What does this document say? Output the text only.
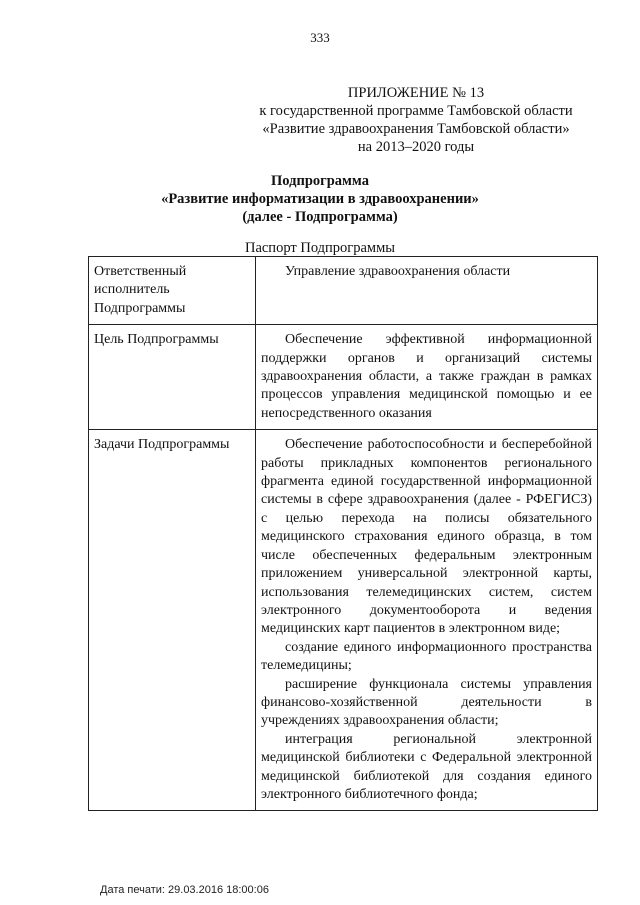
333
ПРИЛОЖЕНИЕ № 13
к государственной программе Тамбовской области
«Развитие здравоохранения Тамбовской области»
на 2013–2020 годы
Подпрограмма
«Развитие информатизации в здравоохранении»
(далее - Подпрограмма)
Паспорт Подпрограммы
Ответственный исполнитель Подпрограммы	Управление здравоохранения области
Цель Подпрограммы	Обеспечение эффективной информационной поддержки органов и организаций системы здравоохранения области, а также граждан в рамках процессов управления медицинской помощью и ее непосредственного оказания
Задачи Подпрограммы	Обеспечение работоспособности и бесперебойной работы прикладных компонентов регионального фрагмента единой государственной информационной системы в сфере здравоохранения (далее - РФЕГИСЗ) с целью перехода на полисы обязательного медицинского страхования единого образца, в том числе обеспеченных федеральным электронным приложением универсальной электронной карты, использования телемедицинских систем, систем электронного документооборота и ведения медицинских карт пациентов в электронном виде;

создание единого информационного пространства телемедицины;

расширение функционала системы управления финансово-хозяйственной деятельности в учреждениях здравоохранения области;

интеграция региональной электронной медицинской библиотеки с Федеральной электронной медицинской библиотекой для создания единого электронного библиотечного фонда;

Дата печати: 29.03.2016 18:00:06
